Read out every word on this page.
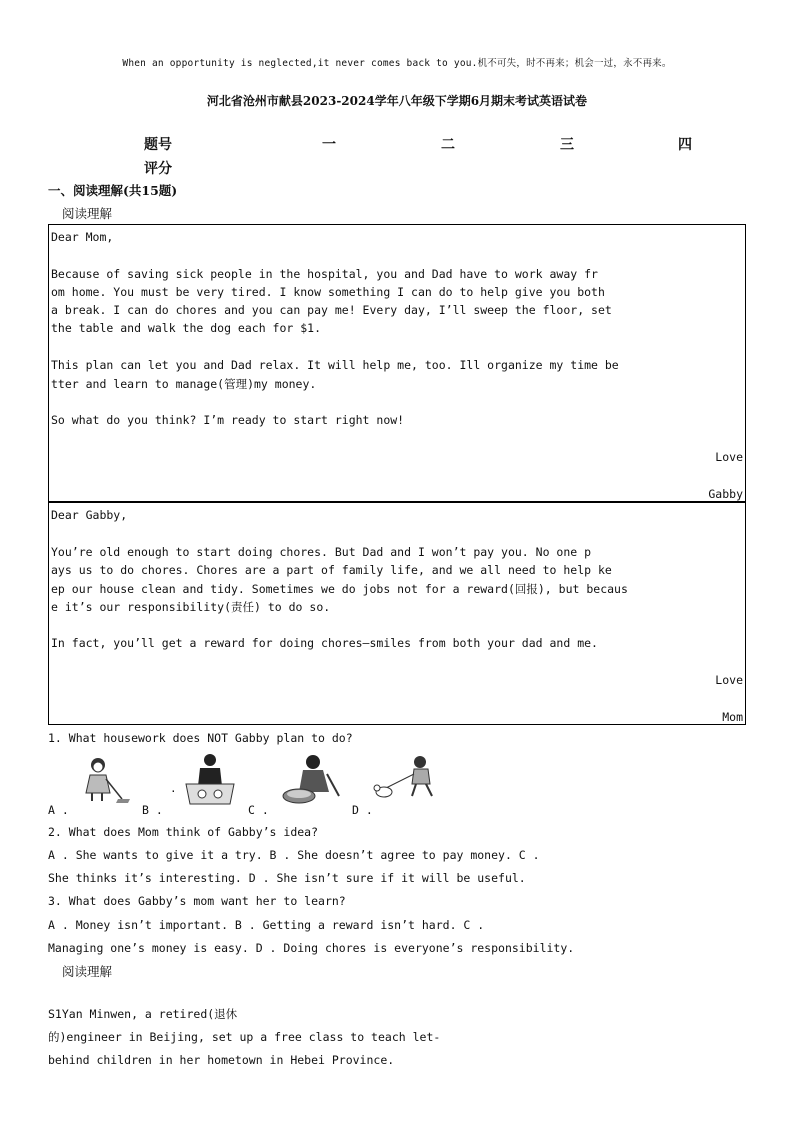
When an opportunity is neglected,it never comes back to you.机不可失，时不再来；机会一过，永不再来。
河北省沧州市献县2023-2024学年八年级下学期6月期末考试英语试卷
题号	一	二	三	四
评分
一、阅读理解(共15题)
阅读理解
Dear Mom,
Because of saving sick people in the hospital, you and Dad have to work away fr
om home. You must be very tired. I know something I can do to help give you both
a break. I can do chores and you can pay me! Every day, I’ll sweep the floor, set
the table and walk the dog each for $1.
This plan can let you and Dad relax. It will help me, too. Ill organize my time be
tter and learn to manage(管理)my money.
So what do you think? I’m ready to start right now!
Love
Gabby
Dear Gabby,
You’re old enough to start doing chores. But Dad and I won’t pay you. No one p
ays us to do chores. Chores are a part of family life, and we all need to help ke
ep our house clean and tidy. Sometimes we do jobs not for a reward(回报), but becaus
e it’s our responsibility(责任) to do so.
In fact, you’ll get a reward for doing chores—smiles from both your dad and me.
Love
Mom
1. What housework does NOT Gabby plan to do?
.
A .	B .	C .	D .
2. What does Mom think of Gabby’s idea?
A . She wants to give it a try. B . She doesn’t agree to pay money. C .
She thinks it’s interesting. D . She isn’t sure if it will be useful.
3. What does Gabby’s mom want her to learn?
A . Money isn’t important. B . Getting a reward isn’t hard. C .
Managing one’s money is easy. D . Doing chores is everyone’s responsibility.
阅读理解
S1Yan Minwen, a retired(退休
的)engineer in Beijing, set up a free class to teach let-
behind children in her hometown in Hebei Province.
